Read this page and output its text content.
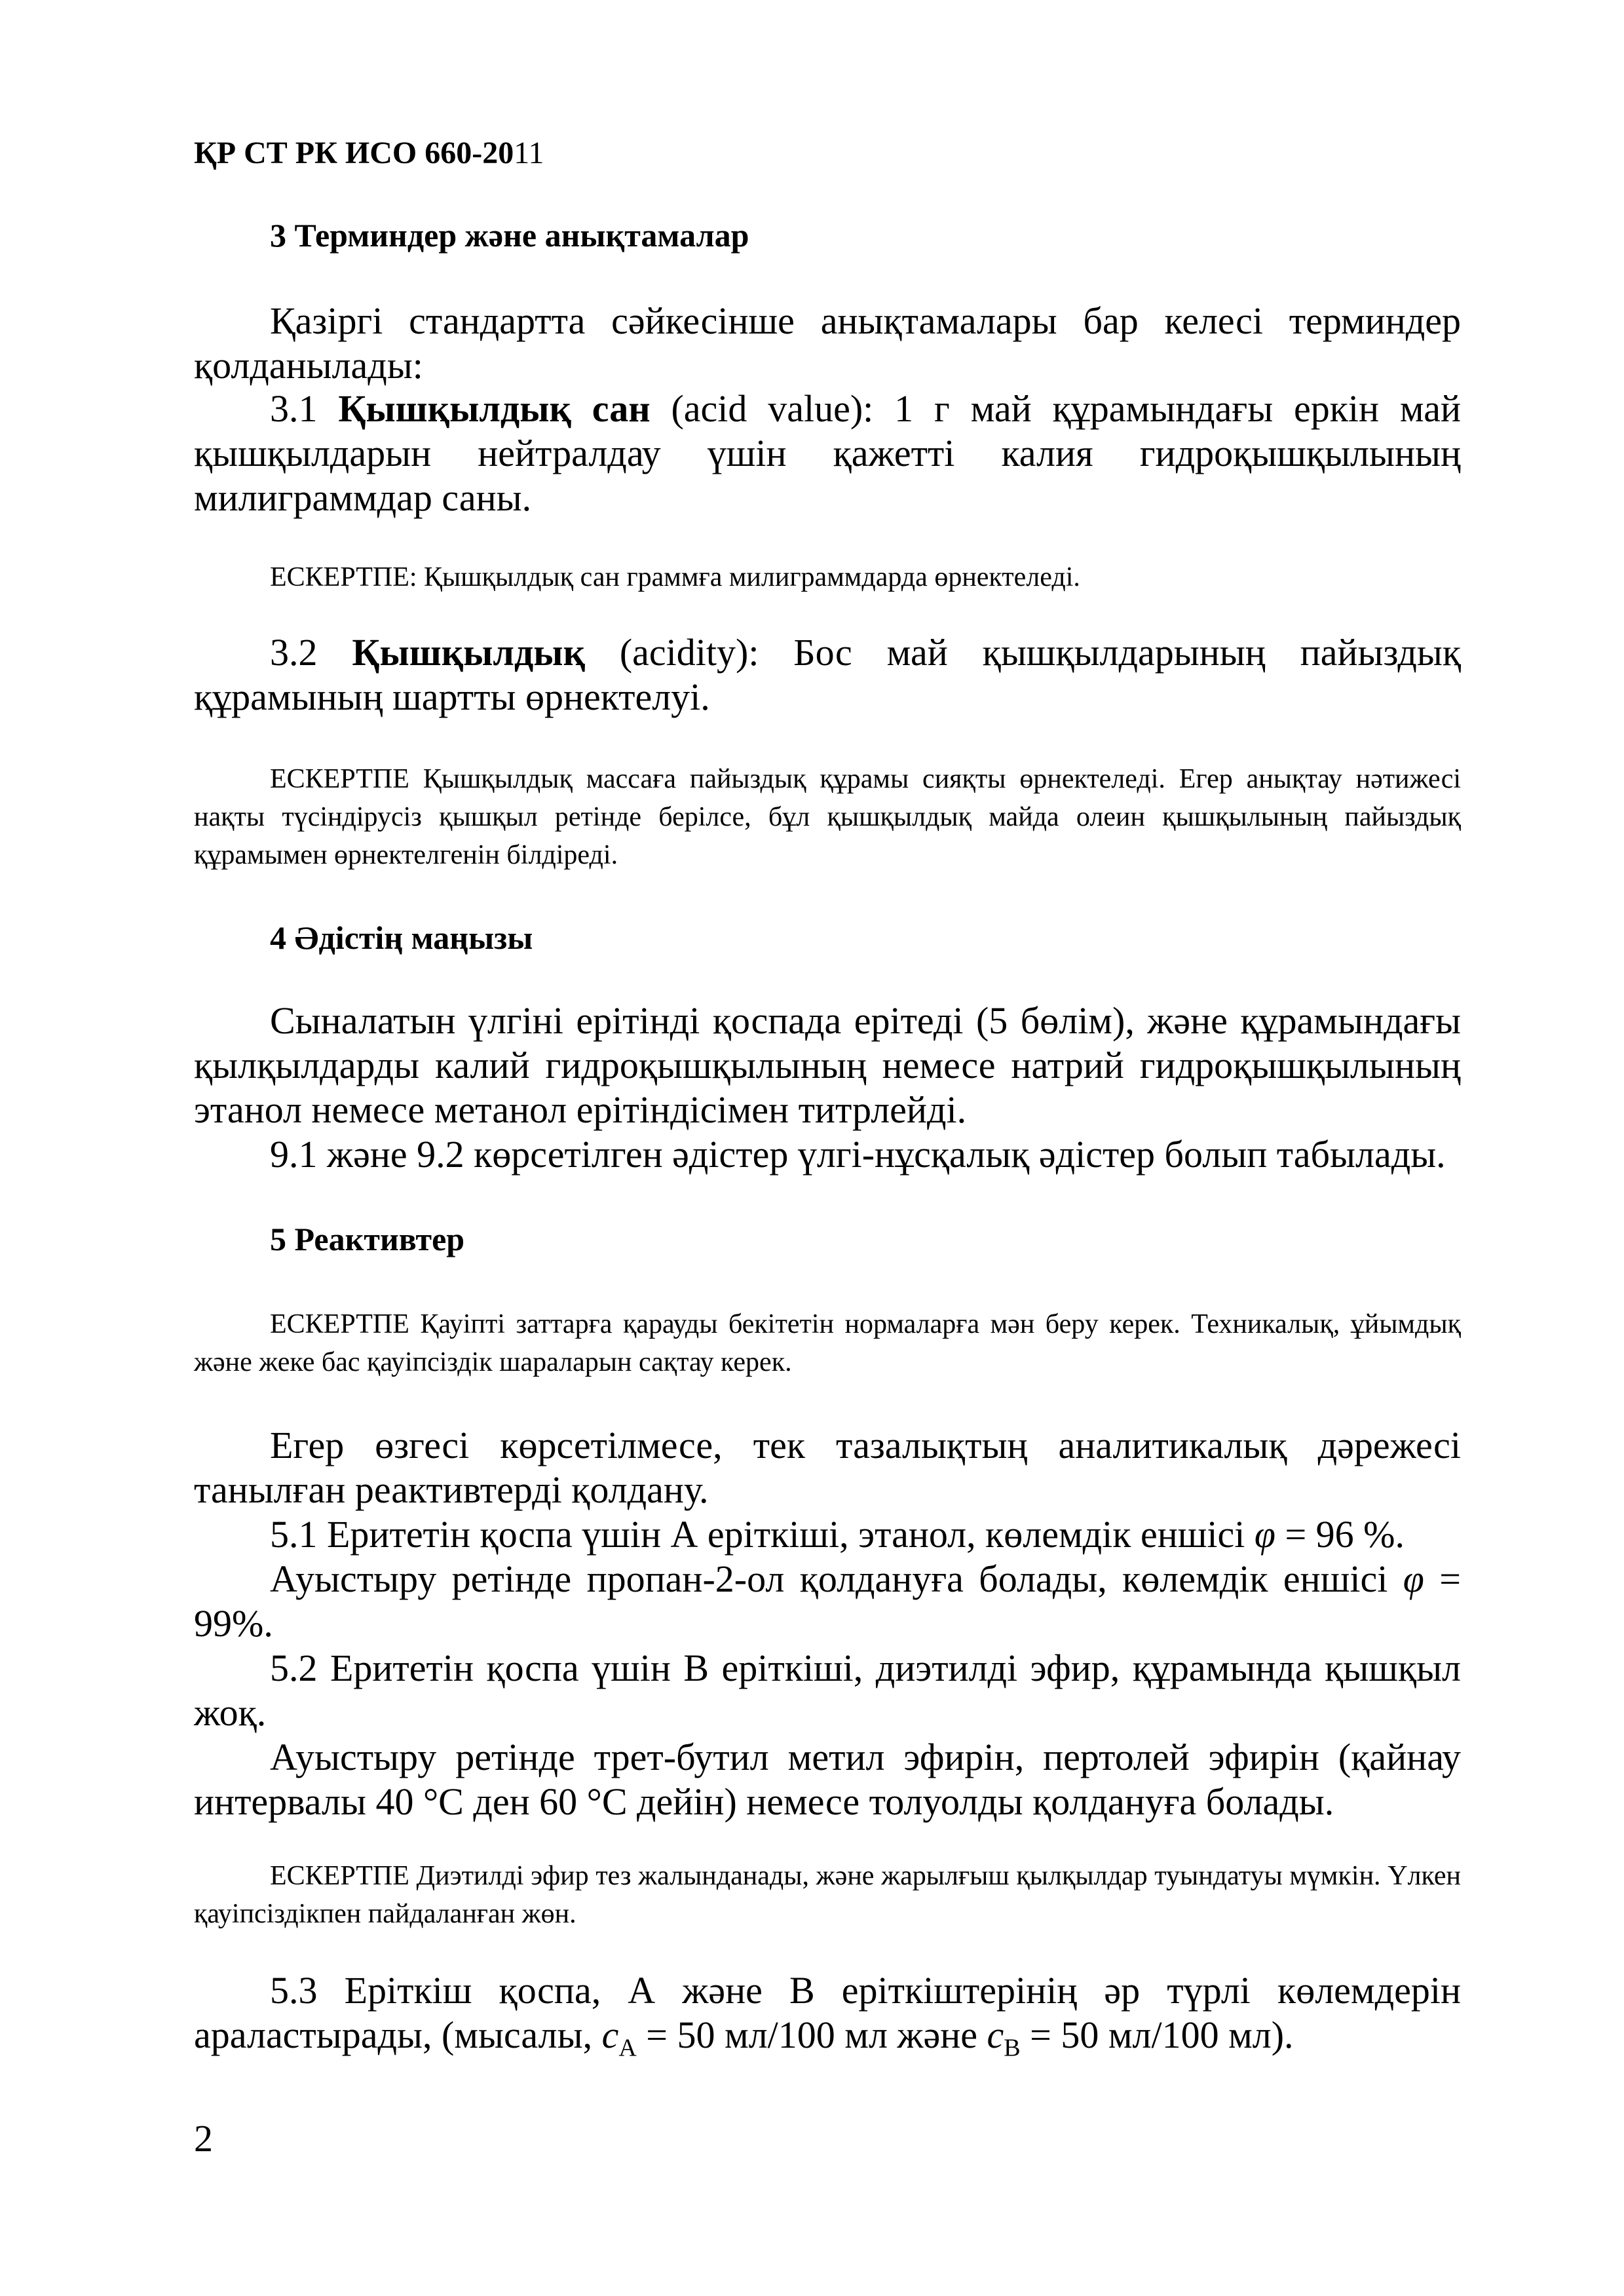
ҚР СТ РК ИСО 660-2011
3 Терминдер және анықтамалар

Қазіргі стандартта сәйкесінше анықтамалары бар келесі терминдер қолданылады:

3.1 Қышқылдық сан (acid value): 1 г май құрамындағы еркін май
қышқылдарын нейтралдау үшін қажетті калия гидроқышқылының
милиграммдар саны.

ЕСКЕРТПЕ: Қышқылдық сан граммға милиграммдарда өрнектеледі.

3.2 Қышқылдық (acidity): Бос май қышқылдарының пайыздық
құрамының шартты өрнектелуі.

ЕСКЕРТПЕ Қышқылдық массаға пайыздық құрамы сияқты өрнектеледі. Егер анықтау нәтижесі нақты түсіндірусіз қышқыл ретінде берілсе, бұл қышқылдық майда олеин қышқылының пайыздық құрамымен өрнектелгенін білдіреді.

4 Әдістің маңызы

Сыналатын үлгіні ерітінді қоспада ерітеді (5 бөлім), және құрамындағы қылқылдарды калий гидроқышқылының немесе натрий гидроқышқылының этанол немесе метанол ерітіндісімен титрлейді.

9.1 және 9.2 көрсетілген әдістер үлгі-нұсқалық әдістер болып табылады.

5 Реактивтер

ЕСКЕРТПЕ Қауіпті заттарға қарауды бекітетін нормаларға мән беру керек. Техникалық, ұйымдық және жеке бас қауіпсіздік шараларын сақтау керек.

Егер өзгесі көрсетілмесе, тек тазалықтың аналитикалық дәрежесі танылған реактивтерді қолдану.

5.1 Еритетін қоспа үшін А еріткіші, этанол, көлемдік еншісі φ = 96 %.

Ауыстыру ретінде пропан-2-ол қолдануға болады, көлемдік еншісі φ = 99%.

5.2 Еритетін қоспа үшін В еріткіші, диэтилді эфир, құрамында қышқыл жоқ.

Ауыстыру ретінде трет-бутил метил эфирін, пертолей эфирін (қайнау интервалы 40 °С ден 60 °С дейін) немесе толуолды қолдануға болады.

ЕСКЕРТПЕ Диэтилді эфир тез жалынданады, және жарылғыш қылқылдар туындатуы мүмкін. Үлкен қауіпсіздікпен пайдаланған жөн.

5.3 Еріткіш қоспа, А және В еріткіштерінің әр түрлі көлемдерін
араластырады, (мысалы, $c_A = 50$ мл/100 мл және $c_B = 50$ мл/100 мл).
2
